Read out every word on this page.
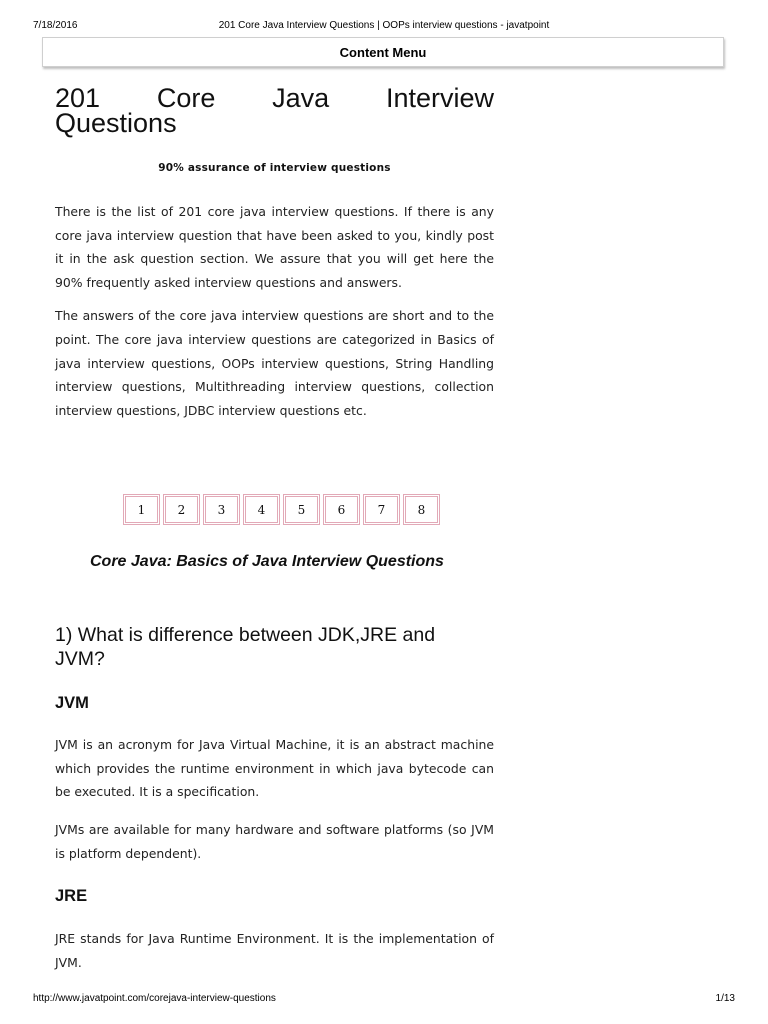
7/18/2016	201 Core Java Interview Questions | OOPs interview questions - javatpoint
Content Menu
201 Core Java Interview
Questions
90% assurance of interview questions

There is the list of 201 core java interview questions. If there is any core java interview question that have been asked to you, kindly post it in the ask question section. We assure that you will get here the 90% frequently asked interview questions and answers.

The answers of the core java interview questions are short and to the point. The core java interview questions are categorized in Basics of java interview questions, OOPs interview questions, String Handling interview questions, Multithreading interview questions, collection interview questions, JDBC interview questions etc.

1	2	3	4	5	6	7	8
Core Java: Basics of Java Interview Questions
1) What is difference between JDK,JRE and
JVM?
JVM

JVM is an acronym for Java Virtual Machine, it is an abstract machine which provides the runtime environment in which java bytecode can be executed. It is a specification.

JVMs are available for many hardware and software platforms (so JVM is platform dependent).

JRE

JRE stands for Java Runtime Environment. It is the implementation of JVM.

http://www.javatpoint.com/corejava-interview-questions	1/13
